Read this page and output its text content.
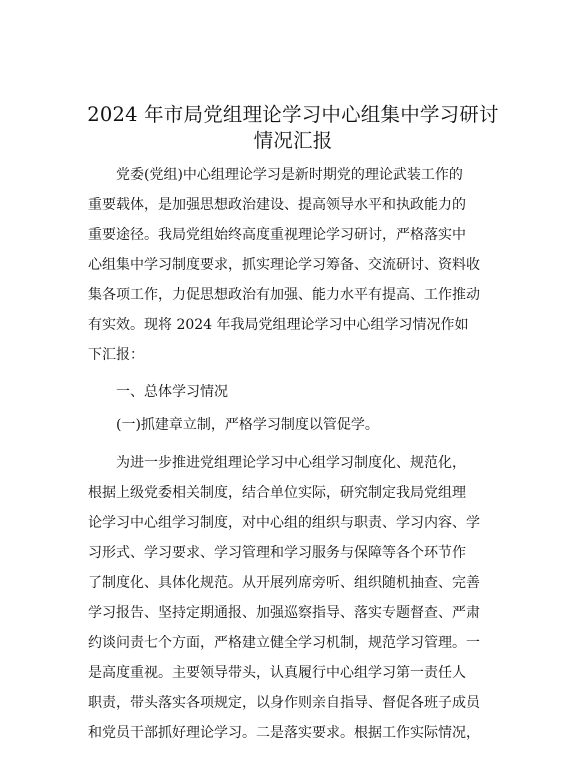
2024 年市局党组理论学习中心组集中学习研讨
情况汇报

党委(党组)中心组理论学习是新时期党的理论武装工作的

重要载体，是加强思想政治建设、提高领导水平和执政能力的

重要途径。我局党组始终高度重视理论学习研讨，严格落实中

心组集中学习制度要求，抓实理论学习筹备、交流研讨、资料收

集各项工作，力促思想政治有加强、能力水平有提高、工作推动

有实效。现将 2024 年我局党组理论学习中心组学习情况作如

下汇报：

一、总体学习情况

(一)抓建章立制，严格学习制度以管促学。

为进一步推进党组理论学习中心组学习制度化、规范化，

根据上级党委相关制度，结合单位实际，研究制定我局党组理

论学习中心组学习制度，对中心组的组织与职责、学习内容、学

习形式、学习要求、学习管理和学习服务与保障等各个环节作

了制度化、具体化规范。从开展列席旁听、组织随机抽查、完善

学习报告、坚持定期通报、加强巡察指导、落实专题督查、严肃

约谈问责七个方面，严格建立健全学习机制，规范学习管理。一

是高度重视。主要领导带头，认真履行中心组学习第一责任人

职责，带头落实各项规定，以身作则亲自指导、督促各班子成员

和党员干部抓好理论学习。二是落实要求。根据工作实际情况，
